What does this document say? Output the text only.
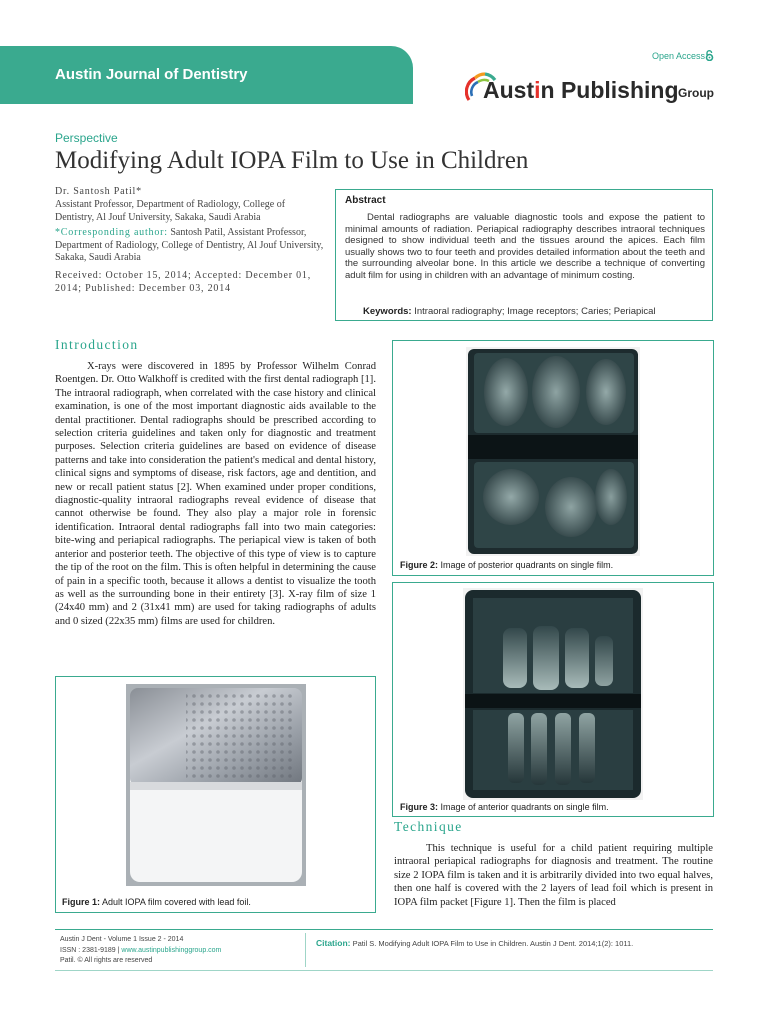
Austin Journal of Dentistry
Open Access
Austin Publishing Group
Perspective
Modifying Adult IOPA Film to Use in Children
Dr. Santosh Patil*
Assistant Professor, Department of Radiology, College of Dentistry, Al Jouf University, Sakaka, Saudi Arabia
*Corresponding author: Santosh Patil, Assistant Professor, Department of Radiology, College of Dentistry, Al Jouf University, Sakaka, Saudi Arabia
Received: October 15, 2014; Accepted: December 01,
2014; Published: December 03, 2014
Abstract
Dental radiographs are valuable diagnostic tools and expose the patient to minimal amounts of radiation. Periapical radiography describes intraoral techniques designed to show individual teeth and the tissues around the apices. Each film usually shows two to four teeth and provides detailed information about the teeth and the surrounding alveolar bone. In this article we describe a technique of converting adult film for using in children with an advantage of minimum costing.
Keywords: Intraoral radiography; Image receptors; Caries; Periapical
Introduction
X-rays were discovered in 1895 by Professor Wilhelm Conrad Roentgen. Dr. Otto Walkhoff is credited with the first dental radiograph [1]. The intraoral radiograph, when correlated with the case history and clinical examination, is one of the most important diagnostic aids available to the dental practitioner. Dental radiographs should be prescribed according to selection criteria guidelines and taken only for diagnostic and treatment purposes. Selection criteria guidelines are based on evidence of disease patterns and take into consideration the patient's medical and dental history, clinical signs and symptoms of disease, risk factors, age and dentition, and new or recall patient status [2]. When examined under proper conditions, diagnostic-quality intraoral radiographs reveal evidence of disease that cannot otherwise be found. They also play a major role in forensic identification. Intraoral dental radiographs fall into two main categories: bite-wing and periapical radiographs. The periapical view is taken of both anterior and posterior teeth. The objective of this type of view is to capture the tip of the root on the film. This is often helpful in determining the cause of pain in a specific tooth, because it allows a dentist to visualize the tooth as well as the surrounding bone in their entirety [3]. X-ray film of size 1 (24x40 mm) and 2 (31x41 mm) are used for taking radiographs of adults and 0 sized (22x35 mm) films are used for children.
Figure 1: Adult IOPA film covered with lead foil.
Figure 2: Image of posterior quadrants on single film.
Figure 3: Image of anterior quadrants on single film.
Technique
This technique is useful for a child patient requiring multiple intraoral periapical radiographs for diagnosis and treatment. The routine size 2 IOPA film is taken and it is arbitrarily divided into two equal halves, then one half is covered with the 2 layers of lead foil which is present in IOPA film packet [Figure 1]. Then the film is placed
Austin J Dent - Volume 1 Issue 2 - 2014
ISSN : 2381-9189 | www.austinpublishinggroup.com
Patil. © All rights are reserved
Citation: Patil S. Modifying Adult IOPA Film to Use in Children. Austin J Dent. 2014;1(2): 1011.
